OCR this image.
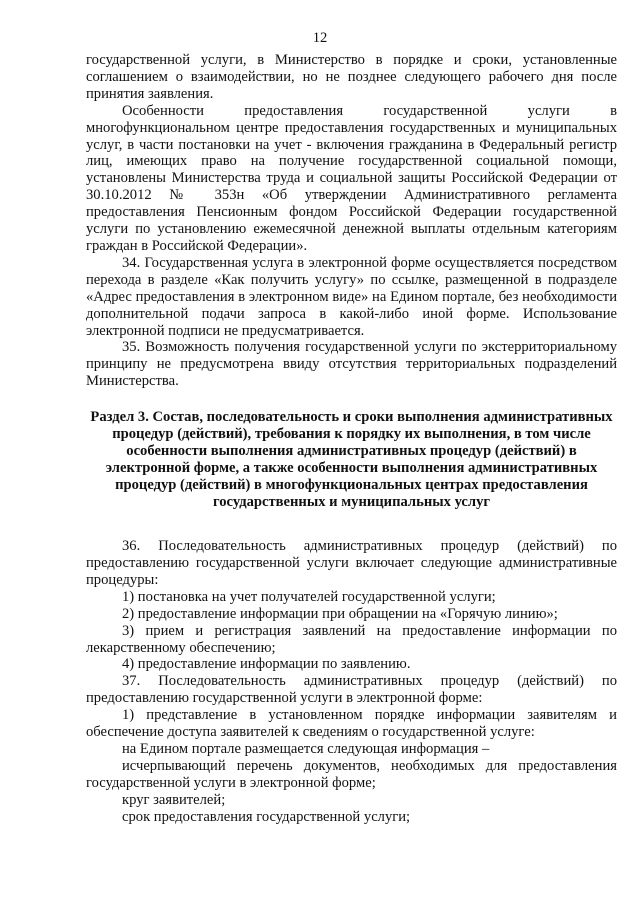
12

государственной услуги, в Министерство в порядке и сроки, установленные соглашением о взаимодействии, но не позднее следующего рабочего дня после принятия заявления.

Особенности предоставления государственной услуги в многофункциональном центре предоставления государственных и муниципальных услуг, в части постановки на учет - включения гражданина в Федеральный регистр лиц, имеющих право на получение государственной социальной помощи, установлены Министерства труда и социальной защиты Российской Федерации от 30.10.2012 № 353н «Об утверждении Административного регламента предоставления Пенсионным фондом Российской Федерации государственной услуги по установлению ежемесячной денежной выплаты отдельным категориям граждан в Российской Федерации».

34. Государственная услуга в электронной форме осуществляется посредством перехода в разделе «Как получить услугу» по ссылке, размещенной в подразделе «Адрес предоставления в электронном виде» на Едином портале, без необходимости дополнительной подачи запроса в какой-либо иной форме. Использование электронной подписи не предусматривается.

35. Возможность получения государственной услуги по экстерриториальному принципу не предусмотрена ввиду отсутствия территориальных подразделений Министерства.

Раздел 3. Состав, последовательность и сроки выполнения административных процедур (действий), требования к порядку их выполнения, в том числе особенности выполнения административных процедур (действий) в электронной форме, а также особенности выполнения административных процедур (действий) в многофункциональных центрах предоставления государственных и муниципальных услуг

36. Последовательность административных процедур (действий) по предоставлению государственной услуги включает следующие административные процедуры:

1) постановка на учет получателей государственной услуги;

2) предоставление информации при обращении на «Горячую линию»;

3) прием и регистрация заявлений на предоставление информации по лекарственному обеспечению;

4) предоставление информации по заявлению.

37. Последовательность административных процедур (действий) по предоставлению государственной услуги в электронной форме:

1) представление в установленном порядке информации заявителям и обеспечение доступа заявителей к сведениям о государственной услуге:

на Едином портале размещается следующая информация –

исчерпывающий перечень документов, необходимых для предоставления государственной услуги в электронной форме;

круг заявителей;

срок предоставления государственной услуги;
